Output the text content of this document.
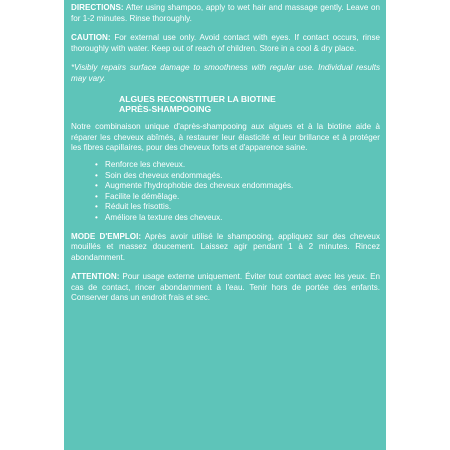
DIRECTIONS: After using shampoo, apply to wet hair and massage gently. Leave on for 1-2 minutes. Rinse thoroughly.

CAUTION: For external use only. Avoid contact with eyes. If contact occurs, rinse thoroughly with water. Keep out of reach of children. Store in a cool & dry place.

*Visibly repairs surface damage to smoothness with regular use. Individual results may vary.

ALGUES RECONSTITUER LA BIOTINE
APRÈS-SHAMPOOING

Notre combinaison unique d'après-shampooing aux algues et à la biotine aide à réparer les cheveux abîmés, à restaurer leur élasticité et leur brillance et à protéger les fibres capillaires, pour des cheveux forts et d'apparence saine.

• Renforce les cheveux.
• Soin des cheveux endommagés.
• Augmente l'hydrophobie des cheveux endommagés.
• Facilite le démêlage.
• Réduit les frisottis.
• Améliore la texture des cheveux.

MODE D'EMPLOI: Après avoir utilisé le shampooing, appliquez sur des cheveux mouillés et massez doucement. Laissez agir pendant 1 à 2 minutes. Rincez abondamment.

ATTENTION: Pour usage externe uniquement. Éviter tout contact avec les yeux. En cas de contact, rincer abondamment à l'eau. Tenir hors de portée des enfants. Conserver dans un endroit frais et sec.
